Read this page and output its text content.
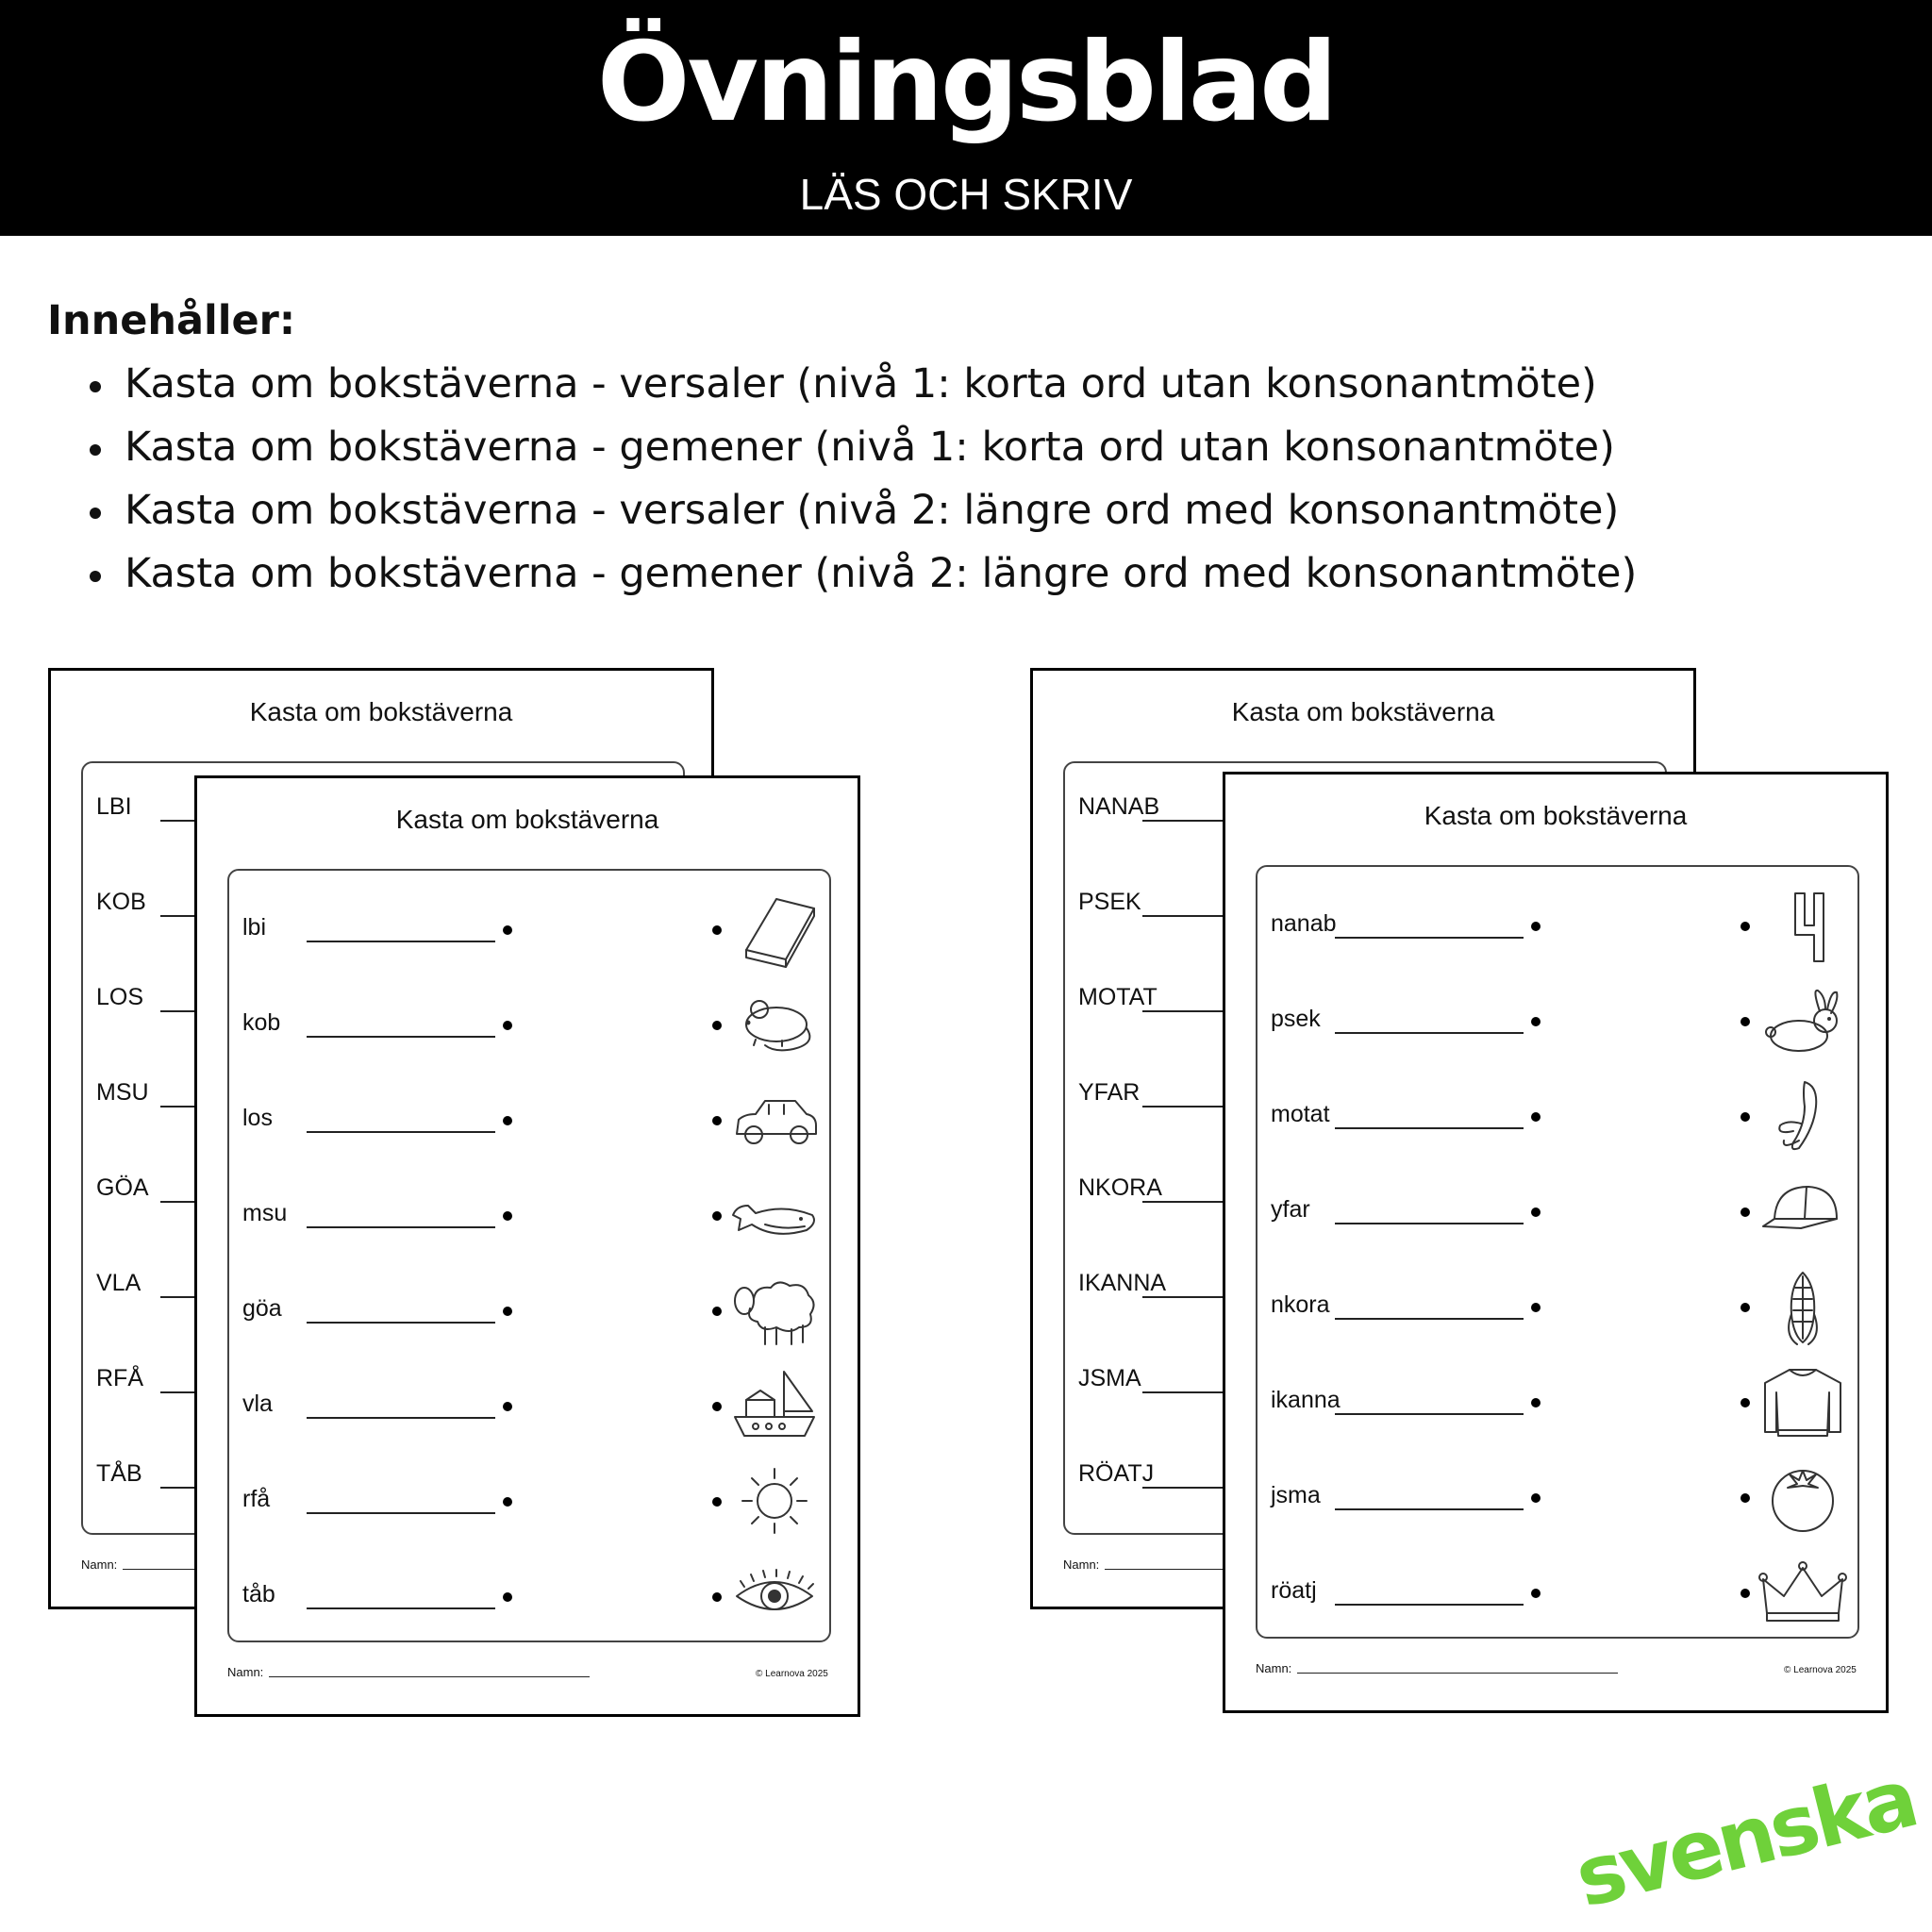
Övningsblad
LÄS OCH SKRIV

Innehåller:

Kasta om bokstäverna - versaler (nivå 1: korta ord utan konsonantmöte)
Kasta om bokstäverna - gemener (nivå 1: korta ord utan konsonantmöte)
Kasta om bokstäverna - versaler (nivå 2: längre ord med konsonantmöte)
Kasta om bokstäverna - gemener (nivå 2: längre ord med konsonantmöte)
Kasta om bokstäverna
LBI
KOB
LOS
MSU
GÖA
VLA
RFÅ
TÅB
Namn:
Kasta om bokstäverna
lbi
kob
los
msu
göa
vla
rfå
tåb
Namn:	© Learnova 2025
Kasta om bokstäverna
NANAB
PSEK
MOTAT
YFAR
NKORA
IKANNA
JSMA
RÖATJ
Namn:
Kasta om bokstäverna
nanab
psek
motat
yfar
nkora
ikanna
jsma
röatj
Namn:	© Learnova 2025
svenska
